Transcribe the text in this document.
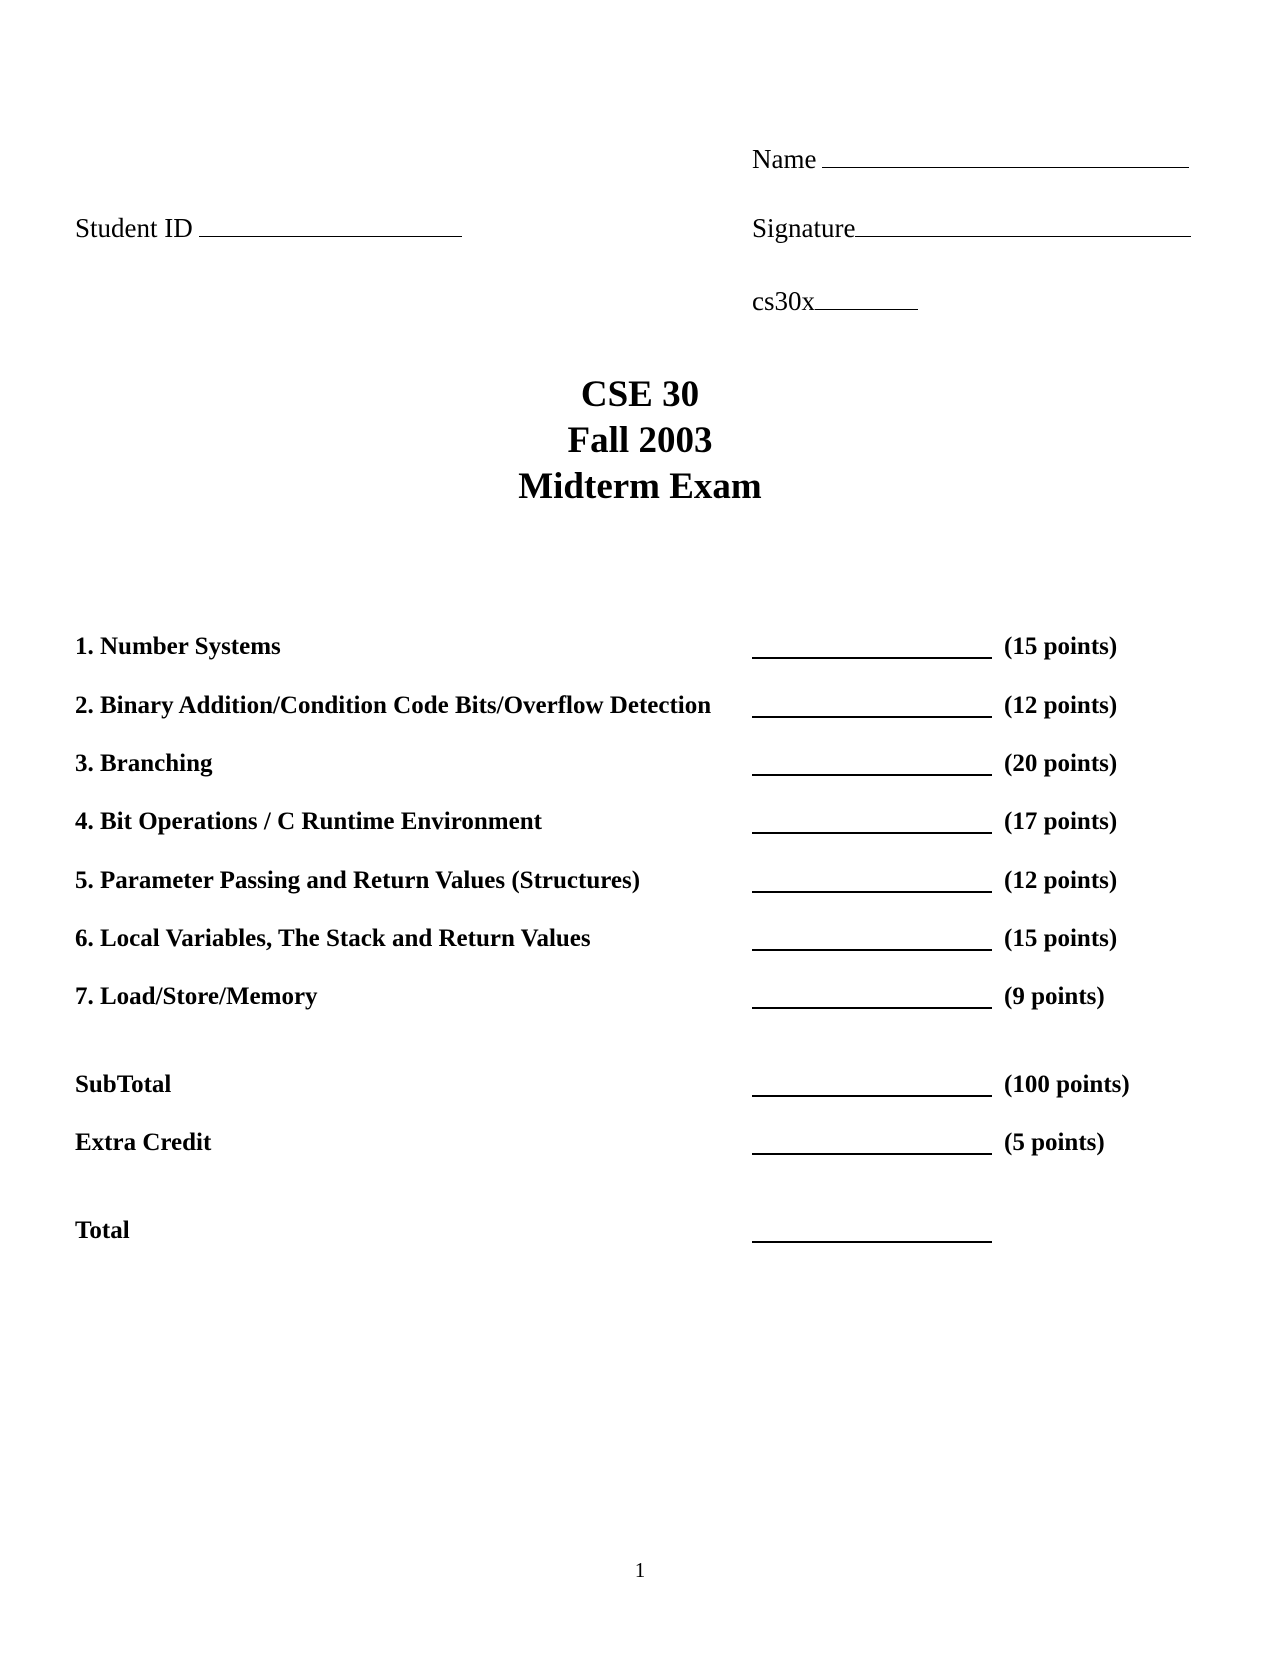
Name
Student ID	Signature
cs30x
CSE 30
Fall 2003
Midterm Exam
1. Number Systems	(15 points)
2. Binary Addition/Condition Code Bits/Overflow Detection	(12 points)
3. Branching	(20 points)
4. Bit Operations / C Runtime Environment	(17 points)
5. Parameter Passing and Return Values (Structures)	(12 points)
6. Local Variables, The Stack and Return Values	(15 points)
7. Load/Store/Memory	(9 points)
SubTotal	(100 points)
Extra Credit	(5 points)
Total
1
